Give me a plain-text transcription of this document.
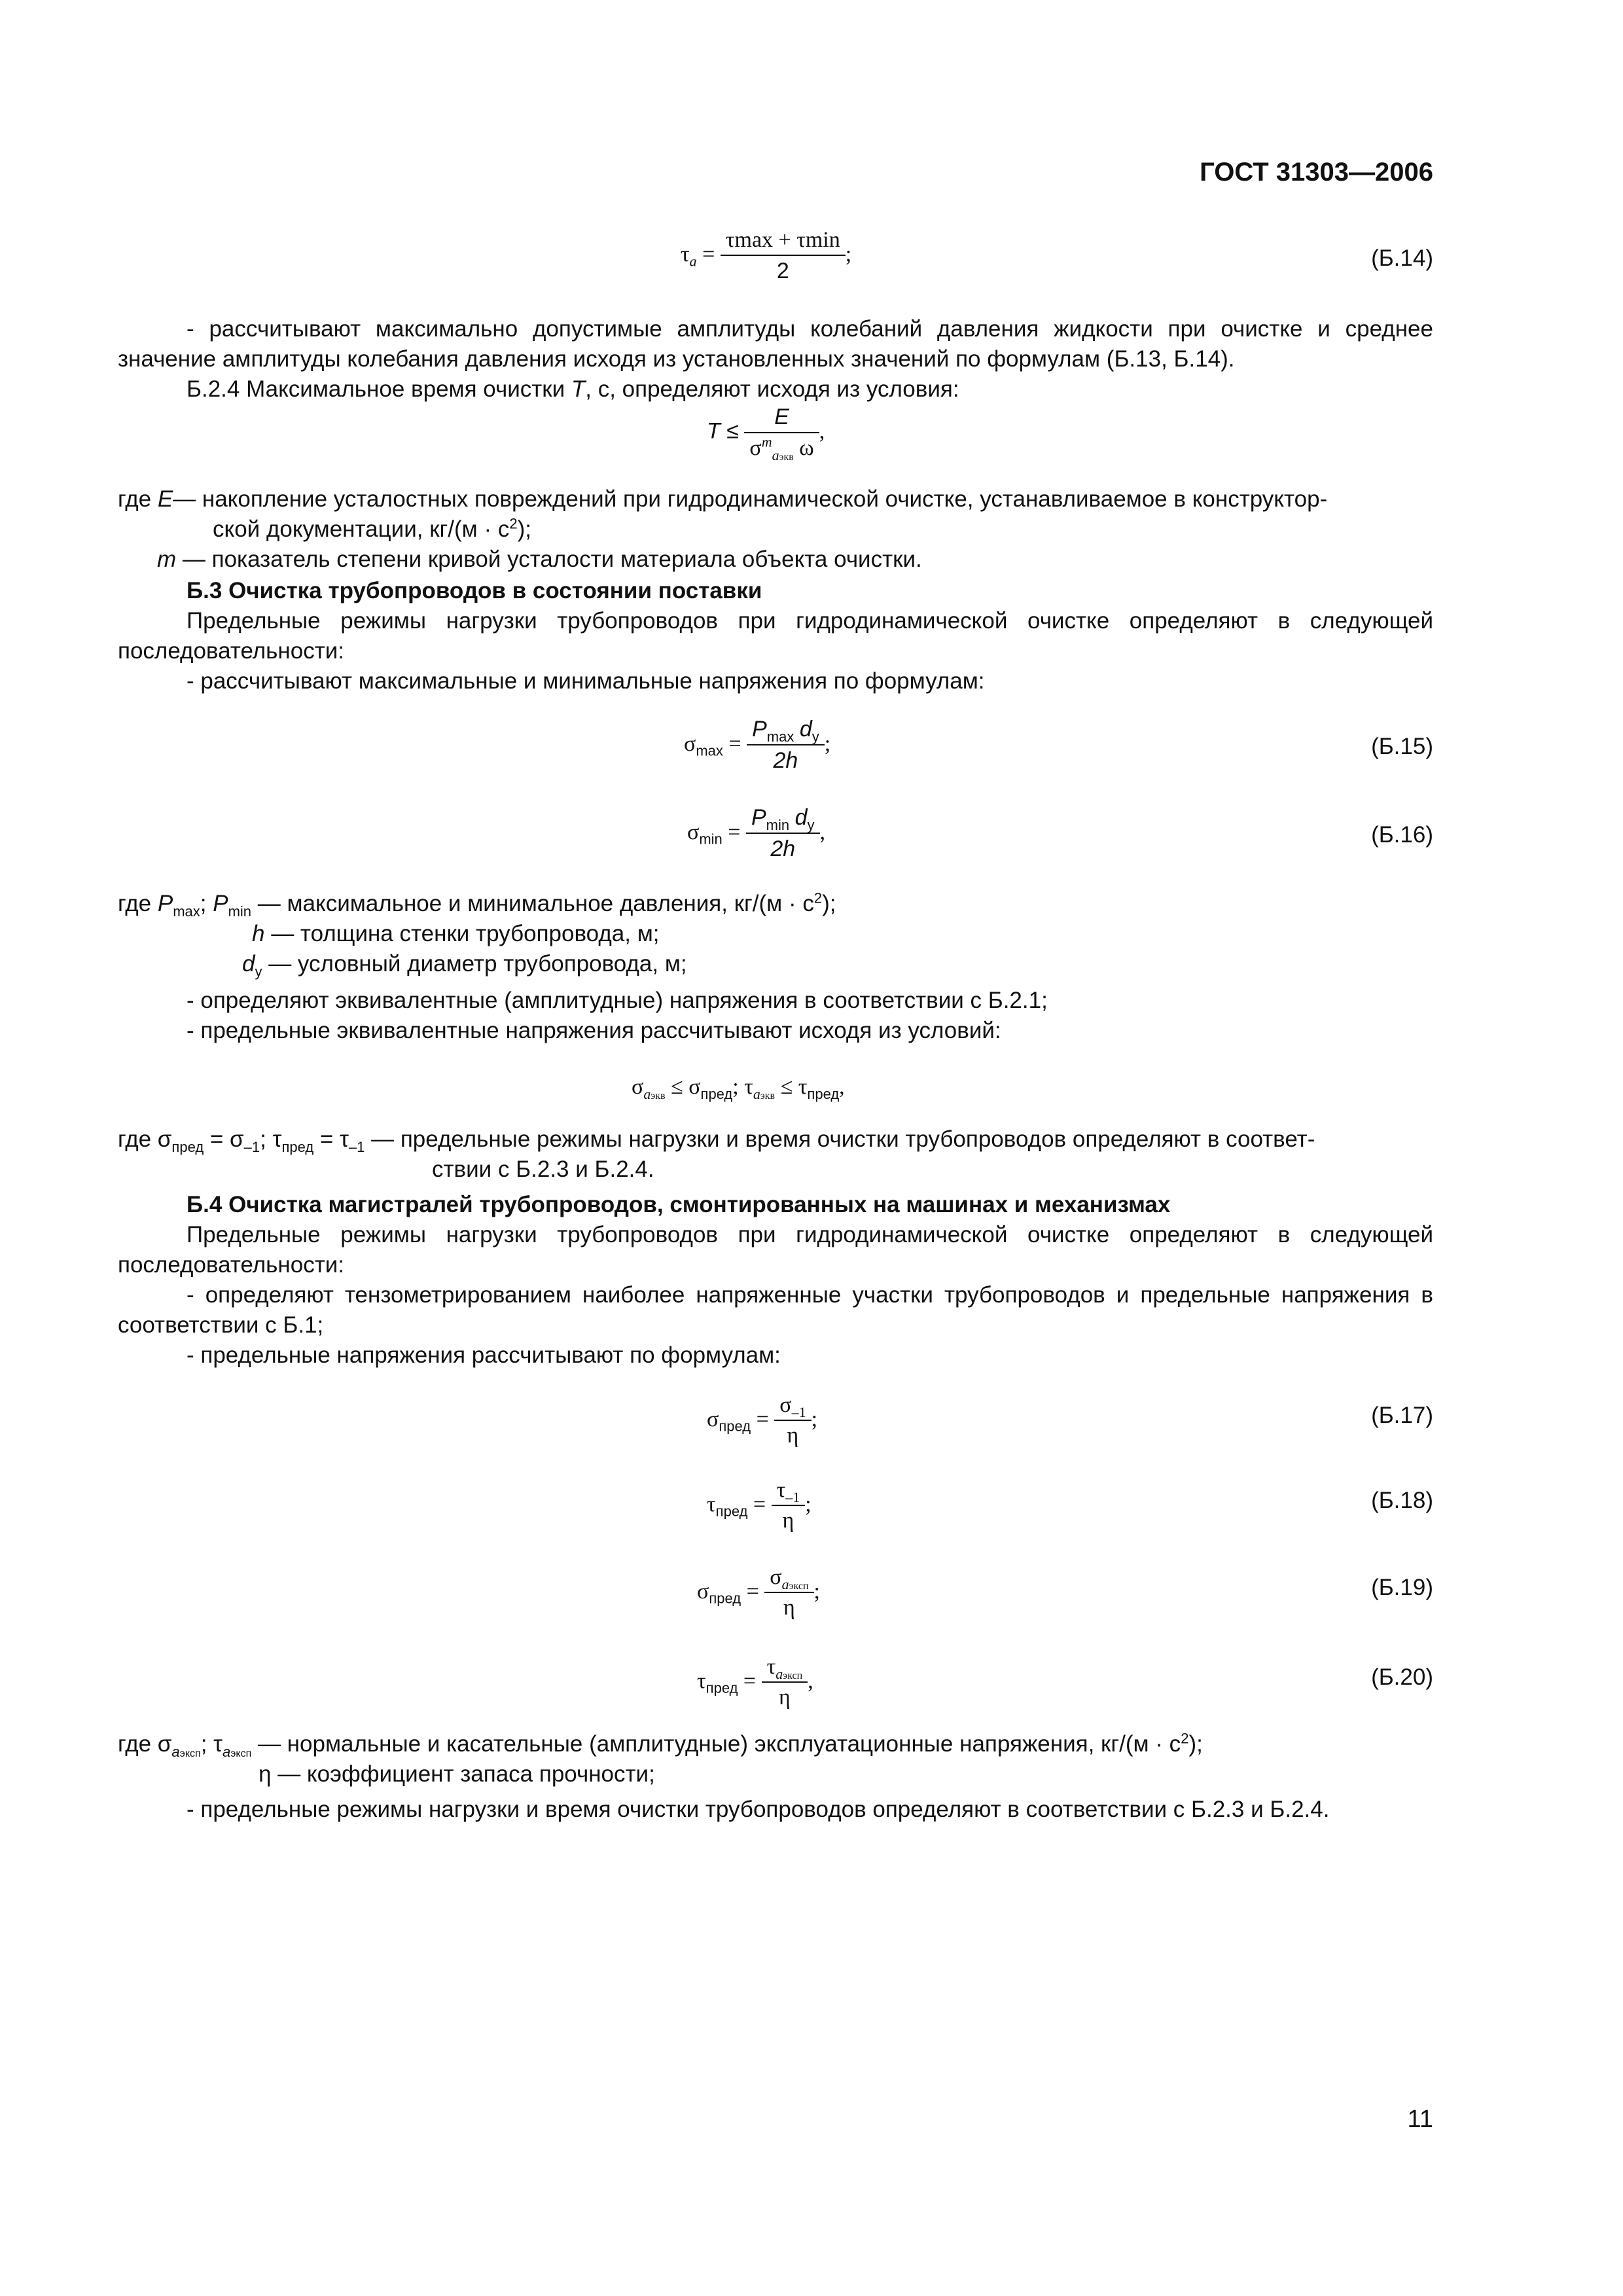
ГОСТ 31303—2006
$\tau_a = \frac{\tau\max + \tau\min}{2}$ ;	(Б.14)
- рассчитывают максимально допустимые амплитуды колебаний давления жидкости при очистке и среднее значение амплитуды колебания давления исходя из установленных значений по формулам (Б.13, Б.14).
Б.2.4 Максимальное время очистки T, с, определяют исходя из условия:
$T \le \frac{E}{\sigma^m_{aэкв} \omega}$ ,
где E— накопление усталостных повреждений при гидродинамической очистке, устанавливаемое в конструктор-
ской документации, $кг/(м \cdot с^2)$;
m — показатель степени кривой усталости материала объекта очистки.
Б.3 Очистка трубопроводов в состоянии поставки
Предельные режимы нагрузки трубопроводов при гидродинамической очистке определяют в следующей последовательности:
- рассчитывают максимальные и минимальные напряжения по формулам:
$\sigma_{max} = \frac{P_{max} d_у}{2h}$ ;	(Б.15)
$\sigma_{min} = \frac{P_{min} d_у}{2h}$ ,	(Б.16)
где $P_{max}$; $P_{min}$ — максимальное и минимальное давления, $кг/(м \cdot с^2)$;
h — толщина стенки трубопровода, м;
$d_у$ — условный диаметр трубопровода, м;
- определяют эквивалентные (амплитудные) напряжения в соответствии с Б.2.1;
- предельные эквивалентные напряжения рассчитывают исходя из условий:
$\sigma_{aэкв} \le \sigma_{пред}$; $\tau_{aэкв} \le \tau_{пред}$,
где $\sigma_{пред} = \sigma_{-1}$; $\tau_{пред} = \tau_{-1}$ — предельные режимы нагрузки и время очистки трубопроводов определяют в соответ-
ствии с Б.2.3 и Б.2.4.
Б.4 Очистка магистралей трубопроводов, смонтированных на машинах и механизмах
Предельные режимы нагрузки трубопроводов при гидродинамической очистке определяют в следующей последовательности:
- определяют тензометрированием наиболее напряженные участки трубопроводов и предельные напряжения в соответствии с Б.1;
- предельные напряжения рассчитывают по формулам:
$\sigma_{пред} = \frac{\sigma_{-1}}{\eta}$ ;	(Б.17)
$\tau_{пред} = \frac{\tau_{-1}}{\eta}$ ;	(Б.18)
$\sigma_{пред} = \frac{\sigma_{aэксп}}{\eta}$ ;	(Б.19)
$\tau_{пред} = \frac{\tau_{aэксп}}{\eta}$ ,	(Б.20)
где $\sigma_{aэксп}$; $\tau_{aэксп}$ — нормальные и касательные (амплитудные) эксплуатационные напряжения, $кг/(м \cdot с^2)$;
η — коэффициент запаса прочности;
- предельные режимы нагрузки и время очистки трубопроводов определяют в соответствии с Б.2.3 и Б.2.4.
11
